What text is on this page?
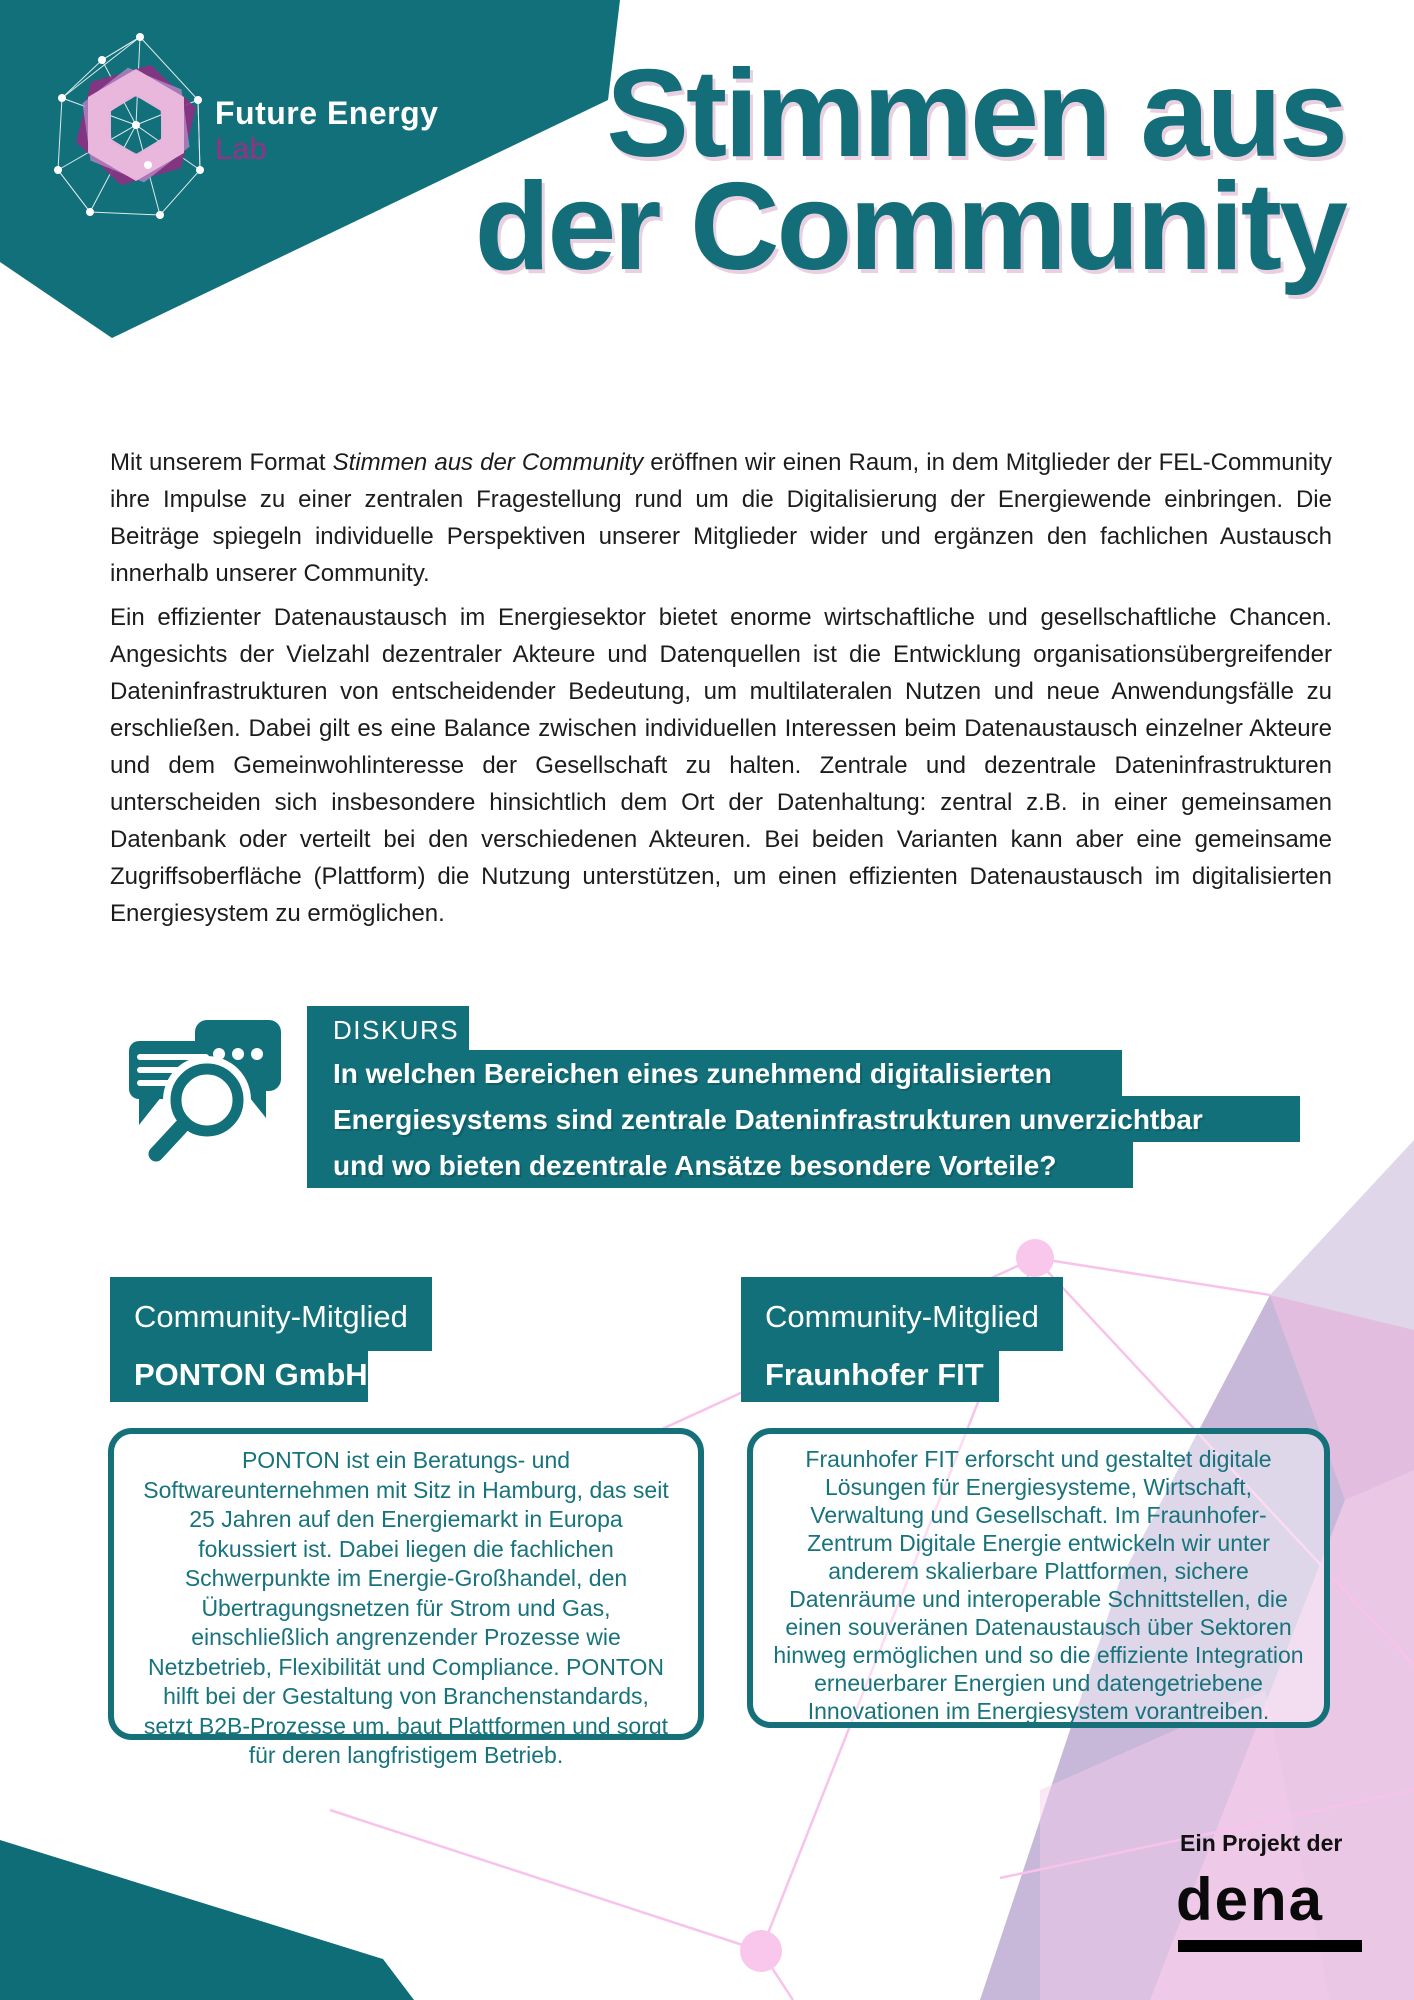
Future Energy
Lab	Stimmen aus
der Community

Mit unserem Format Stimmen aus der Community eröffnen wir einen Raum, in dem Mitglieder der FEL-Community ihre Impulse zu einer zentralen Fragestellung rund um die Digitalisierung der Energiewende einbringen. Die Beiträge spiegeln individuelle Perspektiven unserer Mitglieder wider und ergänzen den fachlichen Austausch innerhalb unserer Community.

Ein effizienter Datenaustausch im Energiesektor bietet enorme wirtschaftliche und gesellschaftliche Chancen. Angesichts der Vielzahl dezentraler Akteure und Datenquellen ist die Entwicklung organisationsübergreifender Dateninfrastrukturen von entscheidender Bedeutung, um multilateralen Nutzen und neue Anwendungsfälle zu erschließen. Dabei gilt es eine Balance zwischen individuellen Interessen beim Datenaustausch einzelner Akteure und dem Gemeinwohlinteresse der Gesellschaft zu halten. Zentrale und dezentrale Dateninfrastrukturen unterscheiden sich insbesondere hinsichtlich dem Ort der Datenhaltung: zentral z.B. in einer gemeinsamen Datenbank oder verteilt bei den verschiedenen Akteuren. Bei beiden Varianten kann aber eine gemeinsame Zugriffsoberfläche (Plattform) die Nutzung unterstützen, um einen effizienten Datenaustausch im digitalisierten Energiesystem zu ermöglichen.

DISKURS
In welchen Bereichen eines zunehmend digitalisierten
Energiesystems sind zentrale Dateninfrastrukturen unverzichtbar
und wo bieten dezentrale Ansätze besondere Vorteile?
Community-Mitglied
PONTON GmbH
Community-Mitglied
Fraunhofer FIT
PONTON ist ein Beratungs- und Softwareunternehmen mit Sitz in Hamburg, das seit 25 Jahren auf den Energiemarkt in Europa fokussiert ist. Dabei liegen die fachlichen Schwerpunkte im Energie-Großhandel, den Übertragungsnetzen für Strom und Gas, einschließlich angrenzender Prozesse wie Netzbetrieb, Flexibilität und Compliance. PONTON hilft bei der Gestaltung von Branchenstandards, setzt B2B-Prozesse um, baut Plattformen und sorgt für deren langfristigem Betrieb.
Fraunhofer FIT erforscht und gestaltet digitale Lösungen für Energiesysteme, Wirtschaft, Verwaltung und Gesellschaft. Im Fraunhofer-Zentrum Digitale Energie entwickeln wir unter anderem skalierbare Plattformen, sichere Datenräume und interoperable Schnittstellen, die einen souveränen Datenaustausch über Sektoren hinweg ermöglichen und so die effiziente Integration erneuerbarer Energien und datengetriebene Innovationen im Energiesystem vorantreiben.
Ein Projekt der
dena
